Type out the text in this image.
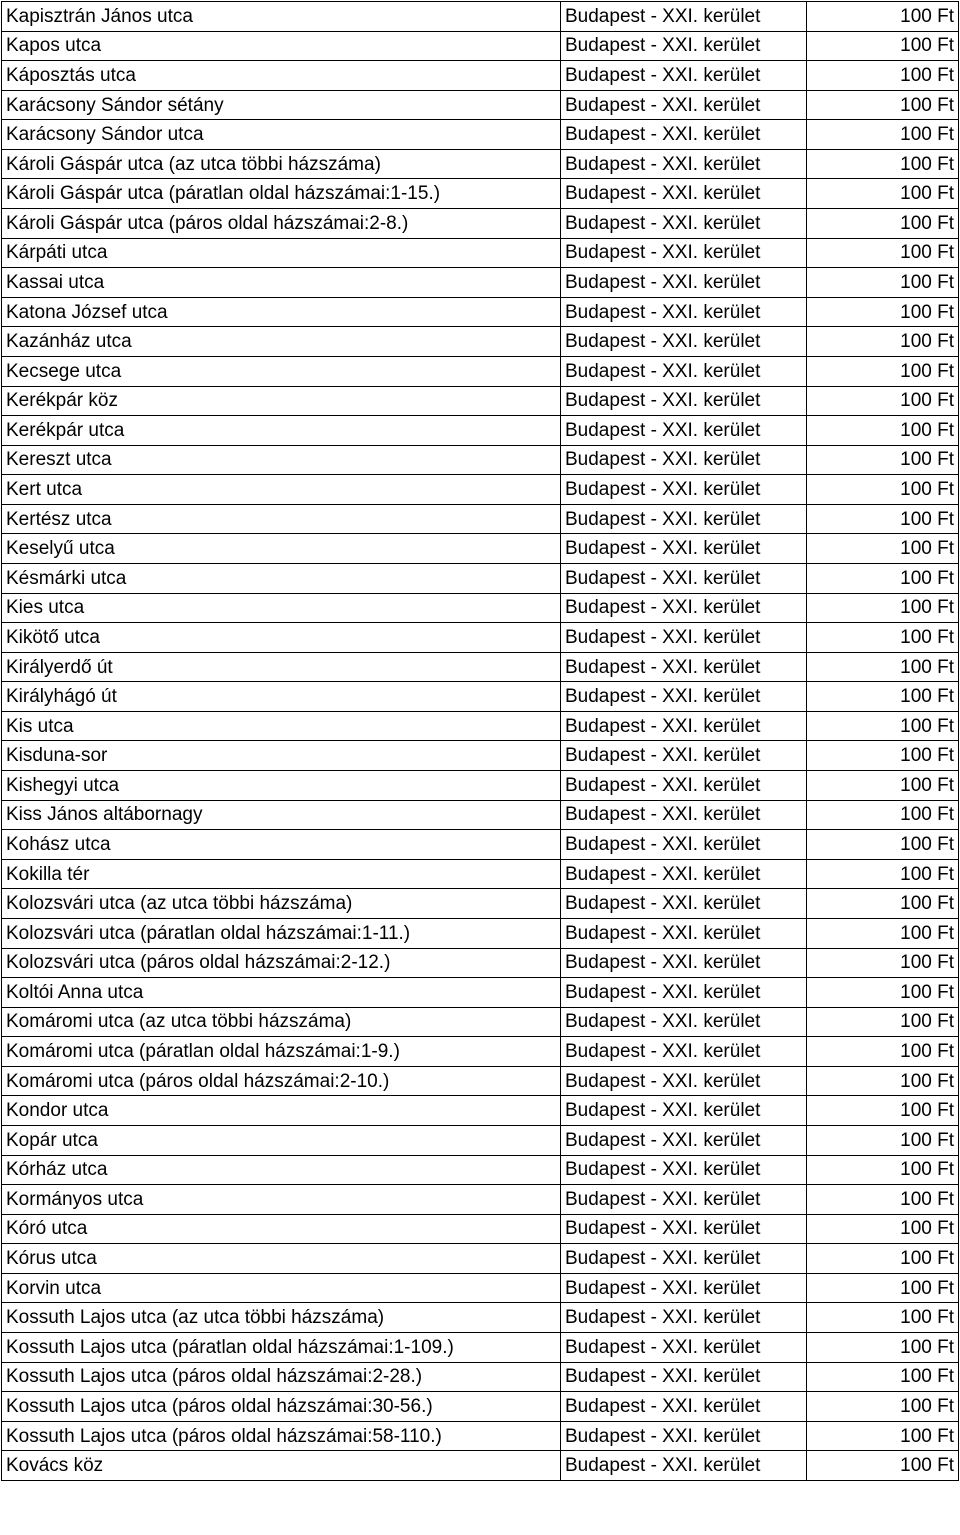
Kapisztrán János utca	Budapest - XXI. kerület	100 Ft
Kapos utca	Budapest - XXI. kerület	100 Ft
Káposztás utca	Budapest - XXI. kerület	100 Ft
Karácsony Sándor sétány	Budapest - XXI. kerület	100 Ft
Karácsony Sándor utca	Budapest - XXI. kerület	100 Ft
Károli Gáspár utca (az utca többi házszáma)	Budapest - XXI. kerület	100 Ft
Károli Gáspár utca (páratlan oldal házszámai:1-15.)	Budapest - XXI. kerület	100 Ft
Károli Gáspár utca (páros oldal házszámai:2-8.)	Budapest - XXI. kerület	100 Ft
Kárpáti utca	Budapest - XXI. kerület	100 Ft
Kassai utca	Budapest - XXI. kerület	100 Ft
Katona József utca	Budapest - XXI. kerület	100 Ft
Kazánház utca	Budapest - XXI. kerület	100 Ft
Kecsege utca	Budapest - XXI. kerület	100 Ft
Kerékpár köz	Budapest - XXI. kerület	100 Ft
Kerékpár utca	Budapest - XXI. kerület	100 Ft
Kereszt utca	Budapest - XXI. kerület	100 Ft
Kert utca	Budapest - XXI. kerület	100 Ft
Kertész utca	Budapest - XXI. kerület	100 Ft
Keselyű utca	Budapest - XXI. kerület	100 Ft
Késmárki utca	Budapest - XXI. kerület	100 Ft
Kies utca	Budapest - XXI. kerület	100 Ft
Kikötő utca	Budapest - XXI. kerület	100 Ft
Királyerdő út	Budapest - XXI. kerület	100 Ft
Királyhágó út	Budapest - XXI. kerület	100 Ft
Kis utca	Budapest - XXI. kerület	100 Ft
Kisduna-sor	Budapest - XXI. kerület	100 Ft
Kishegyi utca	Budapest - XXI. kerület	100 Ft
Kiss János altábornagy	Budapest - XXI. kerület	100 Ft
Kohász utca	Budapest - XXI. kerület	100 Ft
Kokilla tér	Budapest - XXI. kerület	100 Ft
Kolozsvári utca (az utca többi házszáma)	Budapest - XXI. kerület	100 Ft
Kolozsvári utca (páratlan oldal házszámai:1-11.)	Budapest - XXI. kerület	100 Ft
Kolozsvári utca (páros oldal házszámai:2-12.)	Budapest - XXI. kerület	100 Ft
Koltói Anna utca	Budapest - XXI. kerület	100 Ft
Komáromi utca (az utca többi házszáma)	Budapest - XXI. kerület	100 Ft
Komáromi utca (páratlan oldal házszámai:1-9.)	Budapest - XXI. kerület	100 Ft
Komáromi utca (páros oldal házszámai:2-10.)	Budapest - XXI. kerület	100 Ft
Kondor utca	Budapest - XXI. kerület	100 Ft
Kopár utca	Budapest - XXI. kerület	100 Ft
Kórház utca	Budapest - XXI. kerület	100 Ft
Kormányos utca	Budapest - XXI. kerület	100 Ft
Kóró utca	Budapest - XXI. kerület	100 Ft
Kórus utca	Budapest - XXI. kerület	100 Ft
Korvin utca	Budapest - XXI. kerület	100 Ft
Kossuth Lajos utca (az utca többi házszáma)	Budapest - XXI. kerület	100 Ft
Kossuth Lajos utca (páratlan oldal házszámai:1-109.)	Budapest - XXI. kerület	100 Ft
Kossuth Lajos utca (páros oldal házszámai:2-28.)	Budapest - XXI. kerület	100 Ft
Kossuth Lajos utca (páros oldal házszámai:30-56.)	Budapest - XXI. kerület	100 Ft
Kossuth Lajos utca (páros oldal házszámai:58-110.)	Budapest - XXI. kerület	100 Ft
Kovács köz	Budapest - XXI. kerület	100 Ft
